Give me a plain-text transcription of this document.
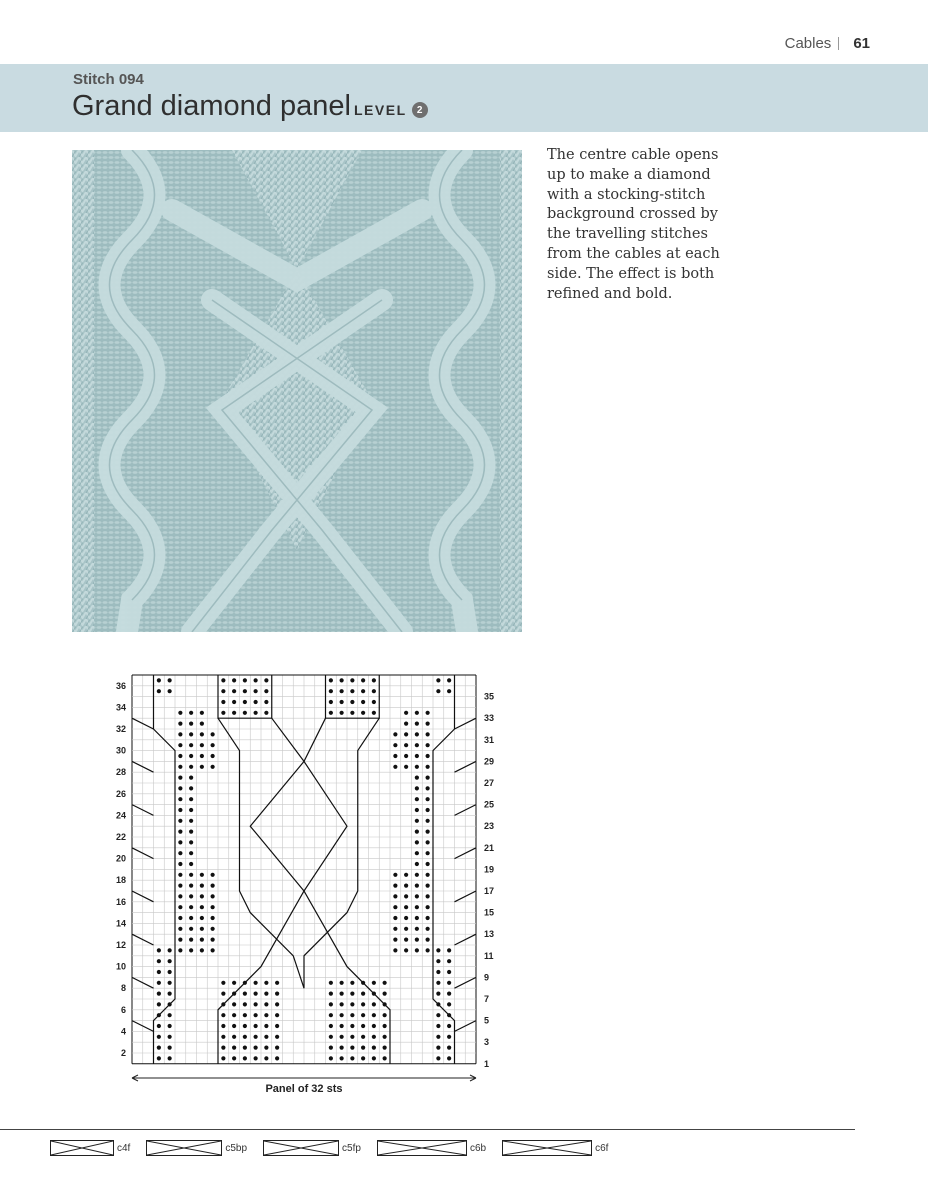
Cables 61
Stitch 094
Grand diamond panel LEVEL	2
The centre cable opens up to make a diamond with a stocking-stitch background crossed by the travelling stitches from the cables at each side. The effect is both refined and bold.
36
34
32
30
28
26
24
22
20
18
16
14
12
10
8
6
4
2
35
33
31
29
27
25
23
21
19
17
15
13
11
9
7
5
3
1
Panel of 32 sts
c4f	c5bp	c5fp	c6b	c6f
